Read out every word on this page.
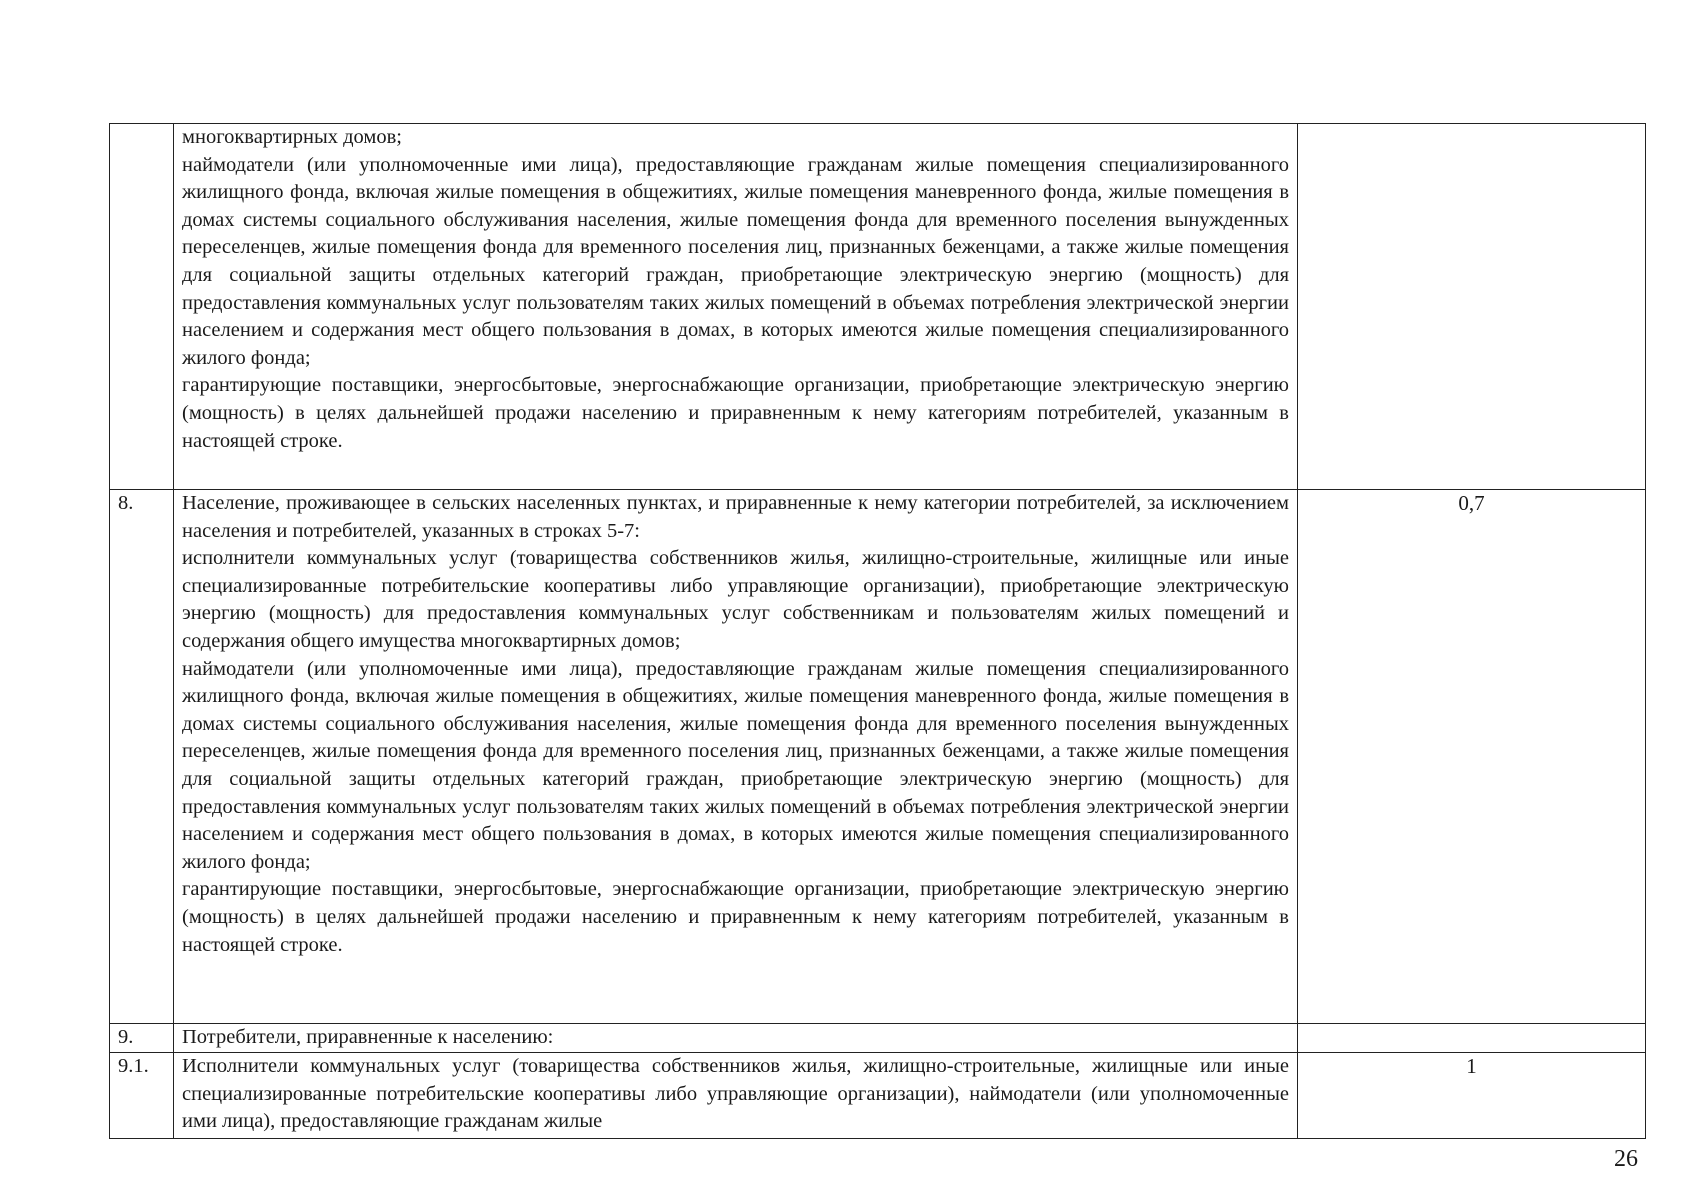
	многоквартирных домов;
наймодатели (или уполномоченные ими лица), предоставляющие гражданам жилые помещения специализированного жилищного фонда, включая жилые помещения в общежитиях, жилые помещения маневренного фонда, жилые помещения в домах системы социального обслуживания населения, жилые помещения фонда для временного поселения вынужденных переселенцев, жилые помещения фонда для временного поселения лиц, признанных беженцами, а также жилые помещения для социальной защиты отдельных категорий граждан, приобретающие электрическую энергию (мощность) для предоставления коммунальных услуг пользователям таких жилых помещений в объемах потребления электрической энергии населением и содержания мест общего пользования в домах, в которых имеются жилые помещения специализированного жилого фонда;
гарантирующие поставщики, энергосбытовые, энергоснабжающие организации, приобретающие электрическую энергию (мощность) в целях дальнейшей продажи населению и приравненным к нему категориям потребителей, указанным в настоящей строке.	

8.	Население, проживающее в сельских населенных пунктах, и приравненные к нему категории потребителей, за исключением населения и потребителей, указанных в строках 5-7:
исполнители коммунальных услуг (товарищества собственников жилья, жилищно-строительные, жилищные или иные специализированные потребительские кооперативы либо управляющие организации), приобретающие электрическую энергию (мощность) для предоставления коммунальных услуг собственникам и пользователям жилых помещений и содержания общего имущества многоквартирных домов;
наймодатели (или уполномоченные ими лица), предоставляющие гражданам жилые помещения специализированного жилищного фонда, включая жилые помещения в общежитиях, жилые помещения маневренного фонда, жилые помещения в домах системы социального обслуживания населения, жилые помещения фонда для временного поселения вынужденных переселенцев, жилые помещения фонда для временного поселения лиц, признанных беженцами, а также жилые помещения для социальной защиты отдельных категорий граждан, приобретающие электрическую энергию (мощность) для предоставления коммунальных услуг пользователям таких жилых помещений в объемах потребления электрической энергии населением и содержания мест общего пользования в домах, в которых имеются жилые помещения специализированного жилого фонда;
гарантирующие поставщики, энергосбытовые, энергоснабжающие организации, приобретающие электрическую энергию (мощность) в целях дальнейшей продажи населению и приравненным к нему категориям потребителей, указанным в настоящей строке.	0,7
9.	Потребители, приравненные к населению:	

9.1.	Исполнители коммунальных услуг (товарищества собственников жилья, жилищно-строительные, жилищные или иные специализированные потребительские кооперативы либо управляющие организации), наймодатели (или уполномоченные ими лица), предоставляющие гражданам жилые	1
26
